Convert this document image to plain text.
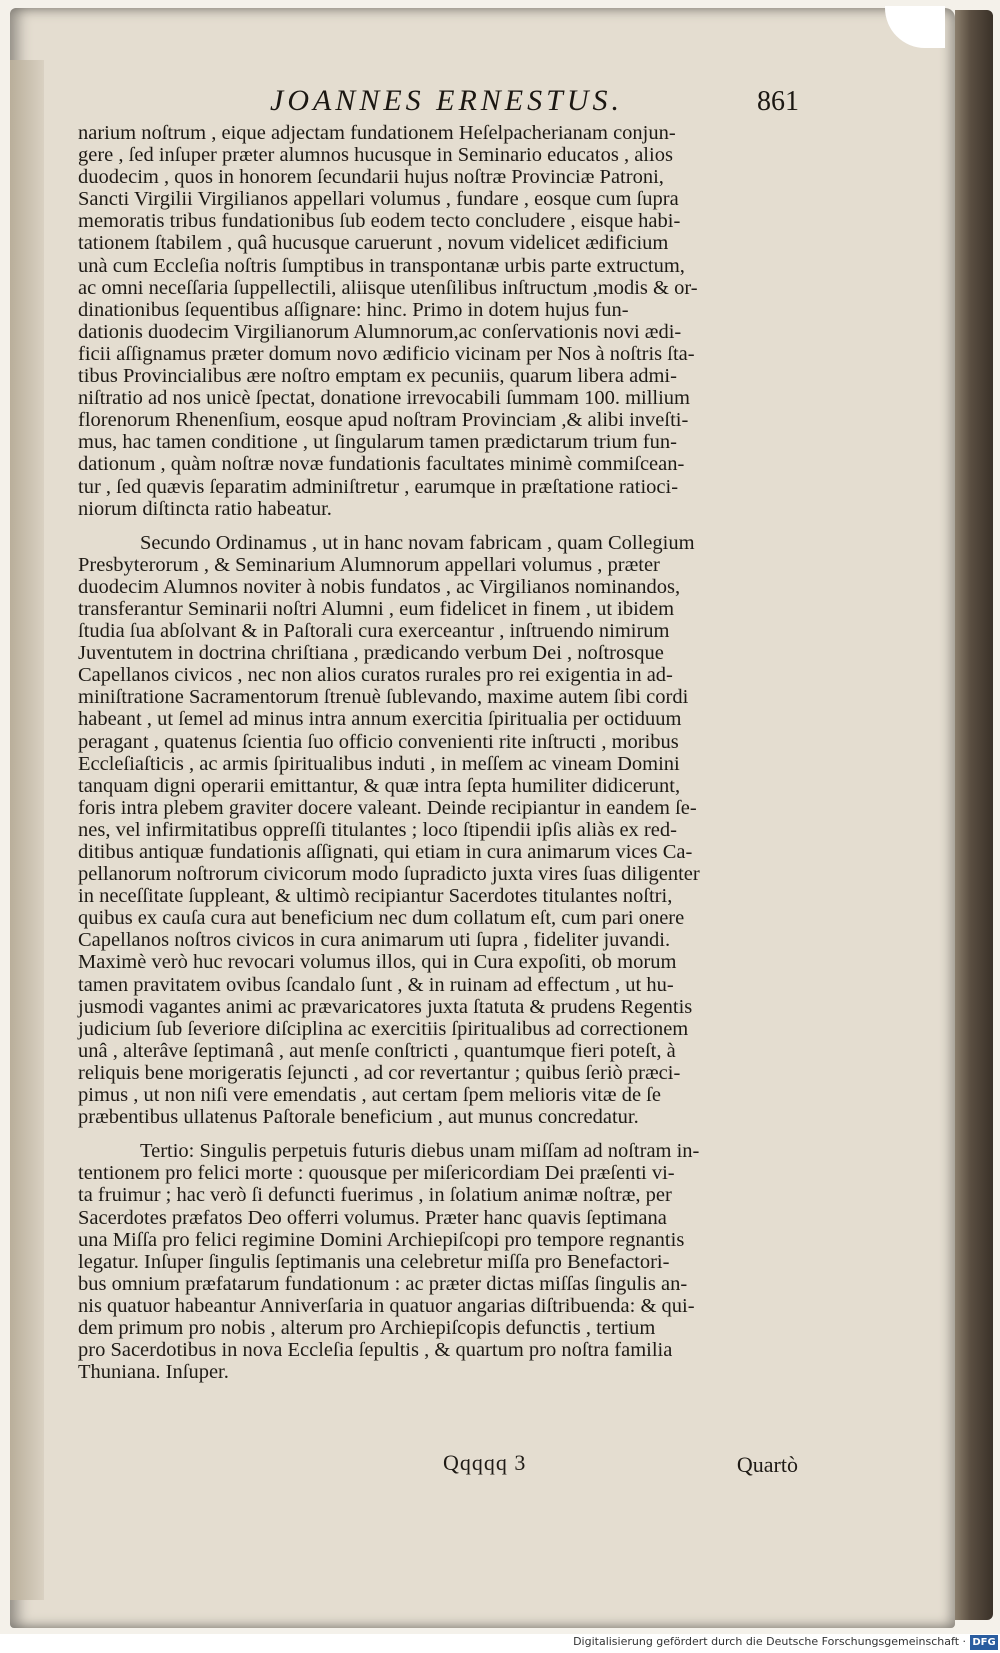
JOANNES ERNESTUS.	861
narium noſtrum , eique adjectam fundationem Heſelpacherianam conjun-
gere , ſed inſuper præter alumnos hucusque in Seminario educatos , alios
duodecim , quos in honorem ſecundarii hujus noſtræ Provinciæ Patroni,
Sancti Virgilii Virgilianos appellari volumus , fundare , eosque cum ſupra
memoratis tribus fundationibus ſub eodem tecto concludere , eisque habi-
tationem ſtabilem , quâ hucusque caruerunt , novum videlicet ædificium
unà cum Eccleſia noſtris ſumptibus in transpontanæ urbis parte extructum,
ac omni neceſſaria ſuppellectili, aliisque utenſilibus inſtructum ,modis & or-
dinationibus ſequentibus aſſignare: hinc. Primo in dotem hujus fun-
dationis duodecim Virgilianorum Alumnorum,ac conſervationis novi ædi-
ficii aſſignamus præter domum novo ædificio vicinam per Nos à noſtris ſta-
tibus Provincialibus ære noſtro emptam ex pecuniis, quarum libera admi-
niſtratio ad nos unicè ſpectat, donatione irrevocabili ſummam 100. millium
florenorum Rhenenſium, eosque apud noſtram Provinciam ,& alibi inveſti-
mus, hac tamen conditione , ut ſingularum tamen prædictarum trium fun-
dationum , quàm noſtræ novæ fundationis facultates minimè commiſcean-
tur , ſed quævis ſeparatim adminiſtretur , earumque in præſtatione ratioci-
niorum diſtincta ratio habeatur.
Secundo Ordinamus , ut in hanc novam fabricam , quam Collegium
Presbyterorum , & Seminarium Alumnorum appellari volumus , præter
duodecim Alumnos noviter à nobis fundatos , ac Virgilianos nominandos,
transferantur Seminarii noſtri Alumni , eum fidelicet in finem , ut ibidem
ſtudia ſua abſolvant & in Paſtorali cura exerceantur , inſtruendo nimirum
Juventutem in doctrina chriſtiana , prædicando verbum Dei , noſtrosque
Capellanos civicos , nec non alios curatos rurales pro rei exigentia in ad-
miniſtratione Sacramentorum ſtrenuè ſublevando, maxime autem ſibi cordi
habeant , ut ſemel ad minus intra annum exercitia ſpiritualia per octiduum
peragant , quatenus ſcientia ſuo officio convenienti rite inſtructi , moribus
Eccleſiaſticis , ac armis ſpiritualibus induti , in meſſem ac vineam Domini
tanquam digni operarii emittantur, & quæ intra ſepta humiliter didicerunt,
foris intra plebem graviter docere valeant. Deinde recipiantur in eandem ſe-
nes, vel infirmitatibus oppreſſi titulantes ; loco ſtipendii ipſis aliàs ex red-
ditibus antiquæ fundationis aſſignati, qui etiam in cura animarum vices Ca-
pellanorum noſtrorum civicorum modo ſupradicto juxta vires ſuas diligenter
in neceſſitate ſuppleant, & ultimò recipiantur Sacerdotes titulantes noſtri,
quibus ex cauſa cura aut beneficium nec dum collatum eſt, cum pari onere
Capellanos noſtros civicos in cura animarum uti ſupra , fideliter juvandi.
Maximè verò huc revocari volumus illos, qui in Cura expoſiti, ob morum
tamen pravitatem ovibus ſcandalo ſunt , & in ruinam ad effectum , ut hu-
jusmodi vagantes animi ac prævaricatores juxta ſtatuta & prudens Regentis
judicium ſub ſeveriore diſciplina ac exercitiis ſpiritualibus ad correctionem
unâ , alterâve ſeptimanâ , aut menſe conſtricti , quantumque fieri poteſt, à
reliquis bene morigeratis ſejuncti , ad cor revertantur ; quibus ſeriò præci-
pimus , ut non niſi vere emendatis , aut certam ſpem melioris vitæ de ſe
præbentibus ullatenus Paſtorale beneficium , aut munus concredatur.
Tertio: Singulis perpetuis futuris diebus unam miſſam ad noſtram in-
tentionem pro felici morte : quousque per miſericordiam Dei præſenti vi-
ta fruimur ; hac verò ſi defuncti fuerimus , in ſolatium animæ noſtræ, per
Sacerdotes præfatos Deo offerri volumus. Præter hanc quavis ſeptimana
una Miſſa pro felici regimine Domini Archiepiſcopi pro tempore regnantis
legatur. Inſuper ſingulis ſeptimanis una celebretur miſſa pro Benefactori-
bus omnium præfatarum fundationum : ac præter dictas miſſas ſingulis an-
nis quatuor habeantur Anniverſaria in quatuor angarias diſtribuenda: & qui-
dem primum pro nobis , alterum pro Archiepiſcopis defunctis , tertium
pro Sacerdotibus in nova Eccleſia ſepultis , & quartum pro noſtra familia
Thuniana. Inſuper.
Qqqqq 3	Quartò
Digitalisierung gefördert durch die Deutsche Forschungsgemeinschaft · DFG
